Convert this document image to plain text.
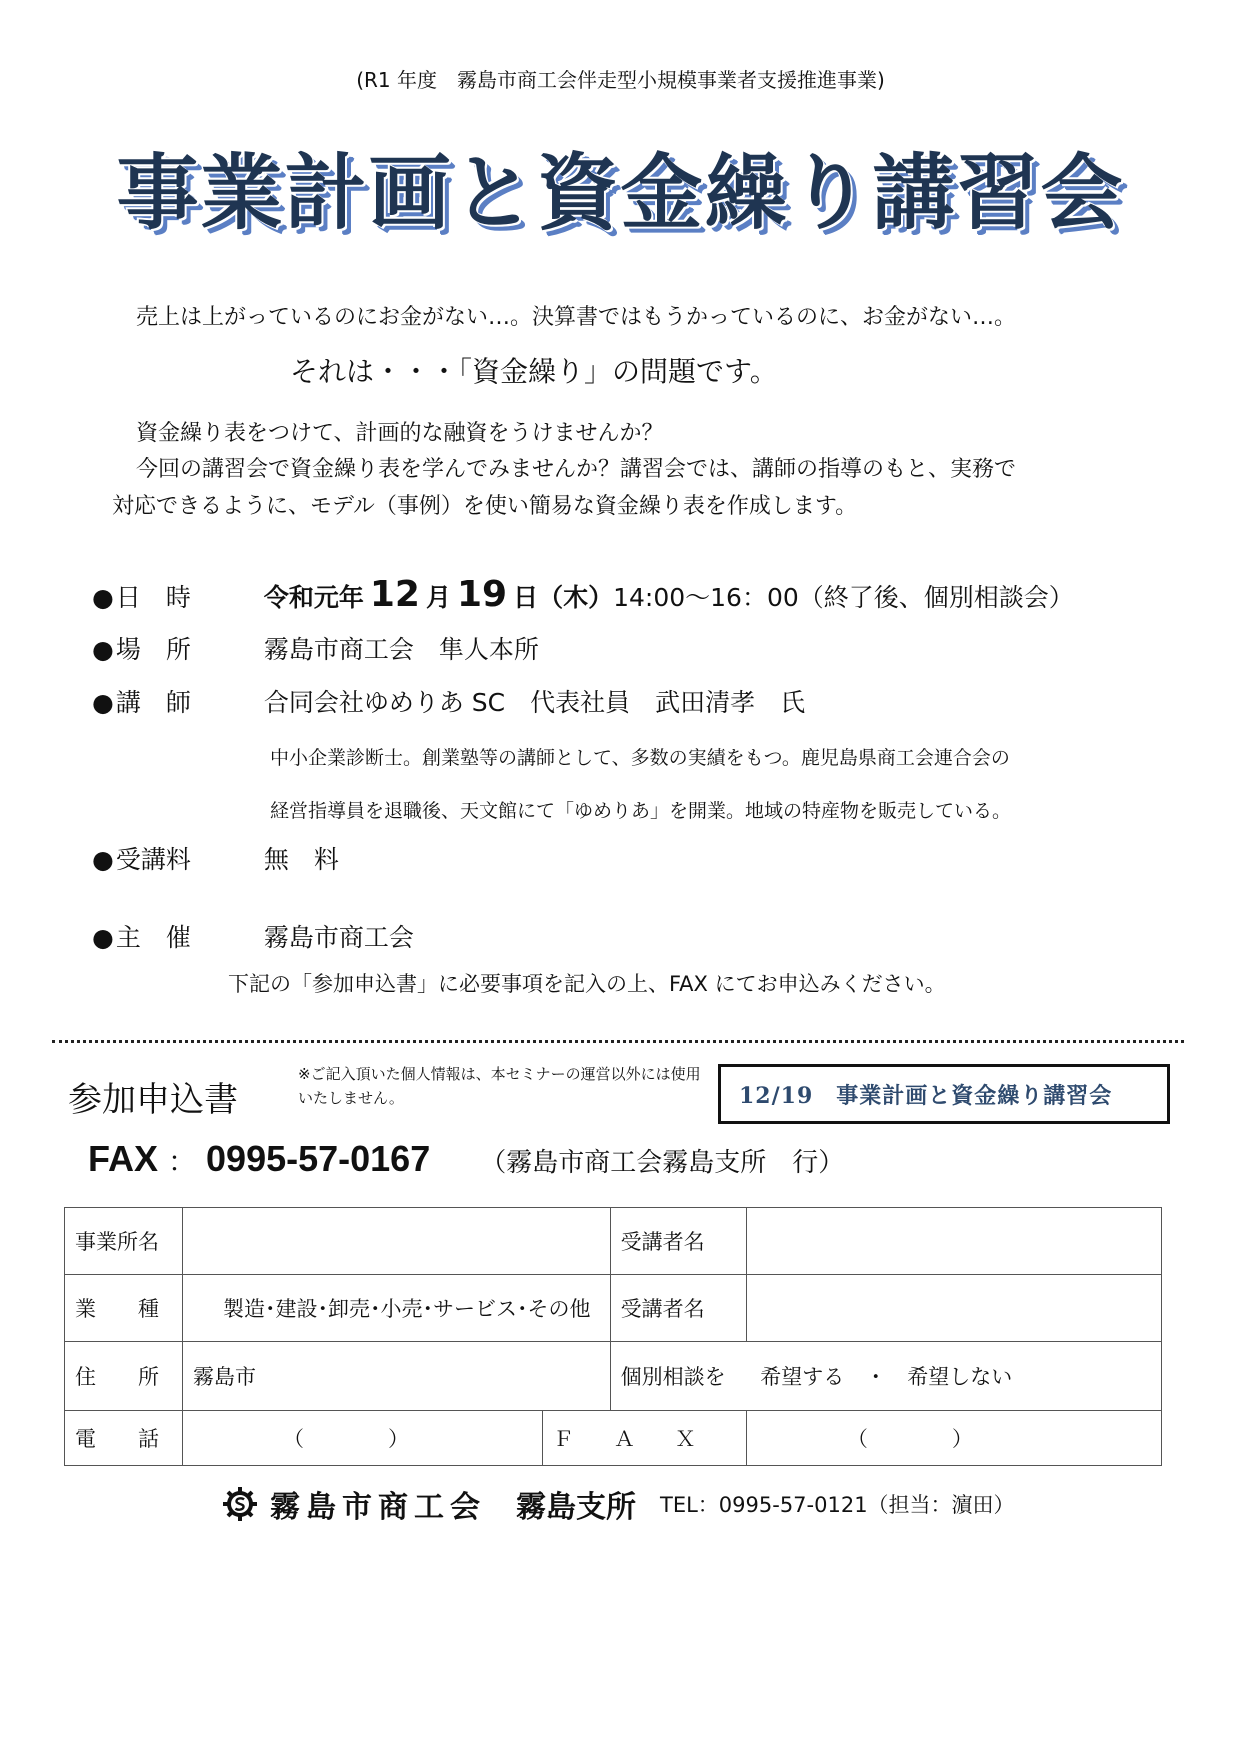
(R1 年度　霧島市商工会伴走型小規模事業者支援推進事業)
事業計画と資金繰り講習会
売上は上がっているのにお金がない…。決算書ではもうかっているのに、お金がない…。
それは・・・「資金繰り」の問題です。
資金繰り表をつけて、計画的な融資をうけませんか？
今回の講習会で資金繰り表を学んでみませんか？講習会では、講師の指導のもと、実務で
対応できるように、モデル（事例）を使い簡易な資金繰り表を作成します。
● 日　時	令和元年 12 月 19 日 （木） 14:00～16：00（終了後、個別相談会）
● 場　所	霧島市商工会　隼人本所
● 講　師	合同会社ゆめりあ SC　代表社員　武田清孝　氏
中小企業診断士。創業塾等の講師として、多数の実績をもつ。鹿児島県商工会連合会の
経営指導員を退職後、天文館にて「ゆめりあ」を開業。地域の特産物を販売している。
● 受講料	無　料
● 主　催	霧島市商工会
下記の「参加申込書」に必要事項を記入の上、FAX にてお申込みください。
参加申込書
※ご記入頂いた個人情報は、本セミナーの運営以外には使用いたしません。	12/19　事業計画と資金繰り講習会
FAX ： 0995-57-0167 （霧島市商工会霧島支所　行）
事業所名			受講者名	
業　　種	製造･建設･卸売･小売･サービス･その他		受講者名	
住　　所	霧島市		個別相談を 希望する　・　希望しない	
電　　話	（　　　　）	ＦＡＸ		（　　　　）
霧島市商工会 霧島支所 TEL：0995-57-0121（担当：濵田）
